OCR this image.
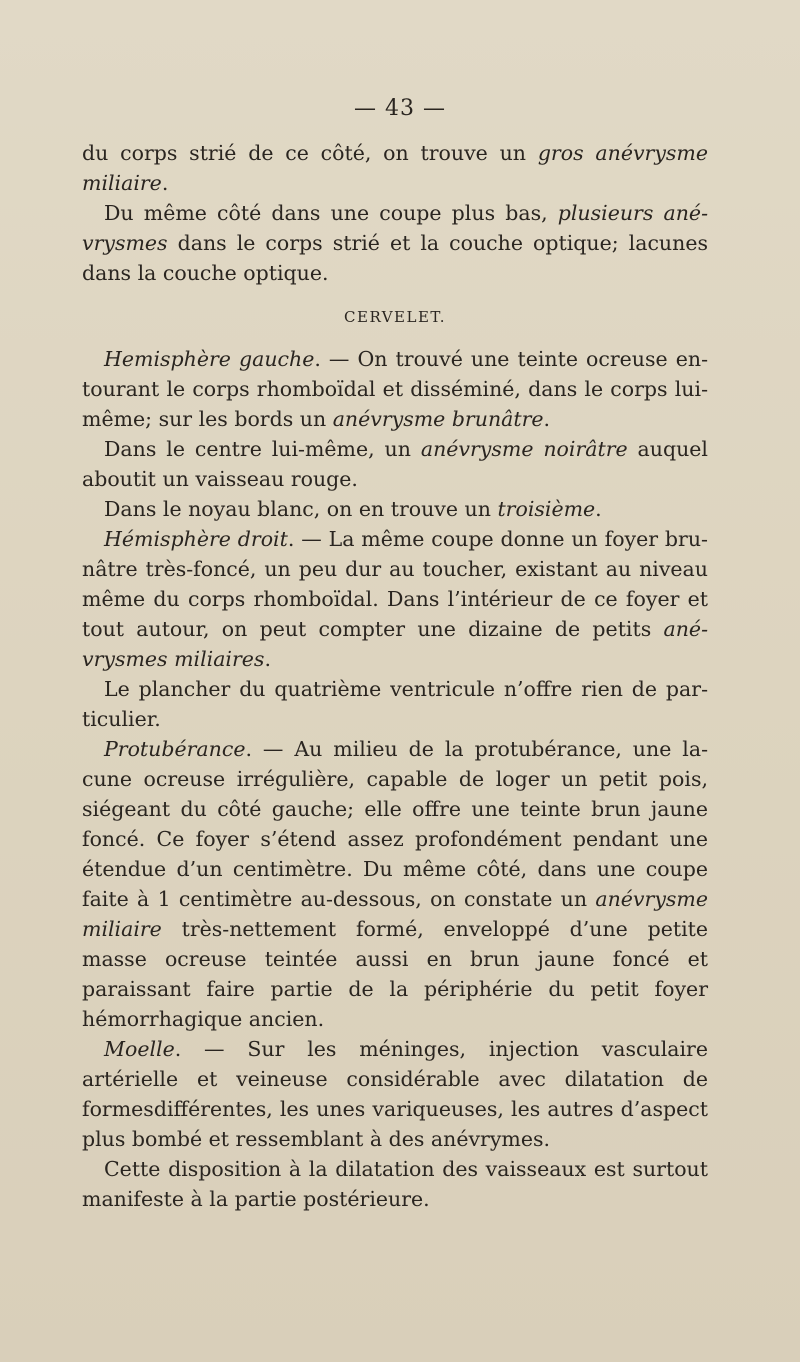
— 43 —

du corps strié de ce côté, on trouve un gros anévrysme miliaire.

Du même côté dans une coupe plus bas, plusieurs anévrysmes dans le corps strié et la couche optique; lacunes dans la couche optique.

CERVELET.

Hemisphère gauche. — On trouvé une teinte ocreuse entourant le corps rhomboïdal et disséminé, dans le corps lui-même; sur les bords un anévrysme brunâtre.

Dans le centre lui-même, un anévrysme noirâtre auquel aboutit un vaisseau rouge.

Dans le noyau blanc, on en trouve un troisième.

Hémisphère droit. — La même coupe donne un foyer brunâtre très-foncé, un peu dur au toucher, existant au niveau même du corps rhomboïdal. Dans l’intérieur de ce foyer et tout autour, on peut compter une dizaine de petits anévrysmes miliaires.

Le plancher du quatrième ventricule n’offre rien de particulier.

Protubérance. — Au milieu de la protubérance, une lacune ocreuse irrégulière, capable de loger un petit pois, siégeant du côté gauche; elle offre une teinte brun jaune foncé. Ce foyer s’étend assez profondément pendant une étendue d’un centimètre. Du même côté, dans une coupe faite à 1 centimètre au-dessous, on constate un anévrysme miliaire très-nettement formé, enveloppé d’une petite masse ocreuse teintée aussi en brun jaune foncé et paraissant faire partie de la périphérie du petit foyer hémorrhagique ancien.

Moelle. — Sur les méninges, injection vasculaire artérielle et veineuse considérable avec dilatation de formesdifférentes, les unes variqueuses, les autres d’aspect plus bombé et ressemblant à des anévrymes.

Cette disposition à la dilatation des vaisseaux est surtout manifeste à la partie postérieure.
